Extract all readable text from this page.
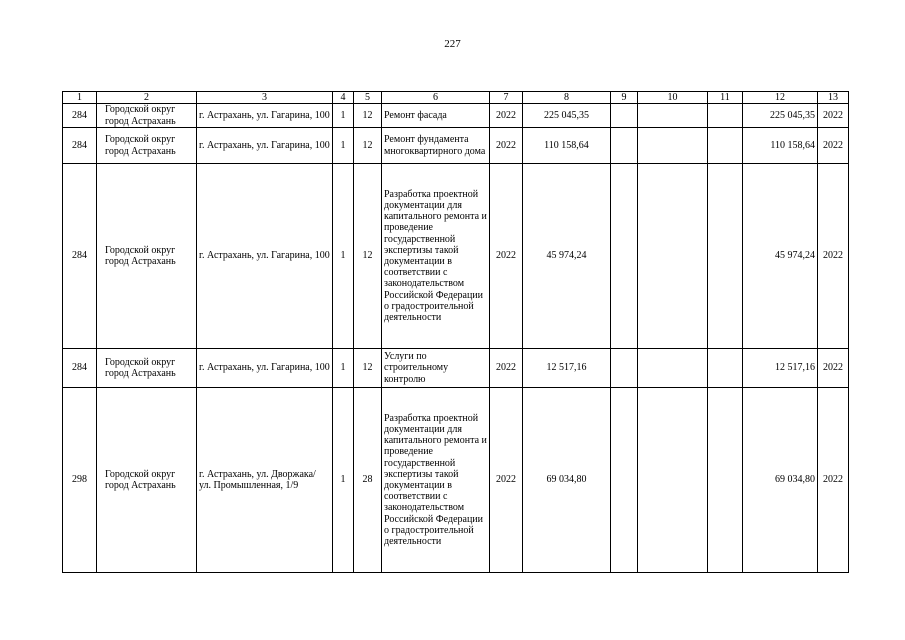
227
1	2	3	4	5	6	7	8	9	10	11	12	13
284	Городской округ город Астрахань	г. Астрахань, ул. Гагарина, 100	1	12	Ремонт фасада	2022	225 045,35				225 045,35	2022
284	Городской округ город Астрахань	г. Астрахань, ул. Гагарина, 100	1	12	Ремонт фундамента многоквартирного дома	2022	110 158,64				110 158,64	2022
284	Городской округ город Астрахань	г. Астрахань, ул. Гагарина, 100	1	12	Разработка проектной документации для капитального ремонта и проведение государственной экспертизы такой документации в соответствии с законодательством Российской Федерации о градостроительной деятельности	2022	45 974,24				45 974,24	2022
284	Городской округ город Астрахань	г. Астрахань, ул. Гагарина, 100	1	12	Услуги по строительному контролю	2022	12 517,16				12 517,16	2022
298	Городской округ город Астрахань	г. Астрахань, ул. Дворжака/ ул. Промышленная, 1/9	1	28	Разработка проектной документации для капитального ремонта и проведение государственной экспертизы такой документации в соответствии с законодательством Российской Федерации о градостроительной деятельности	2022	69 034,80				69 034,80	2022
